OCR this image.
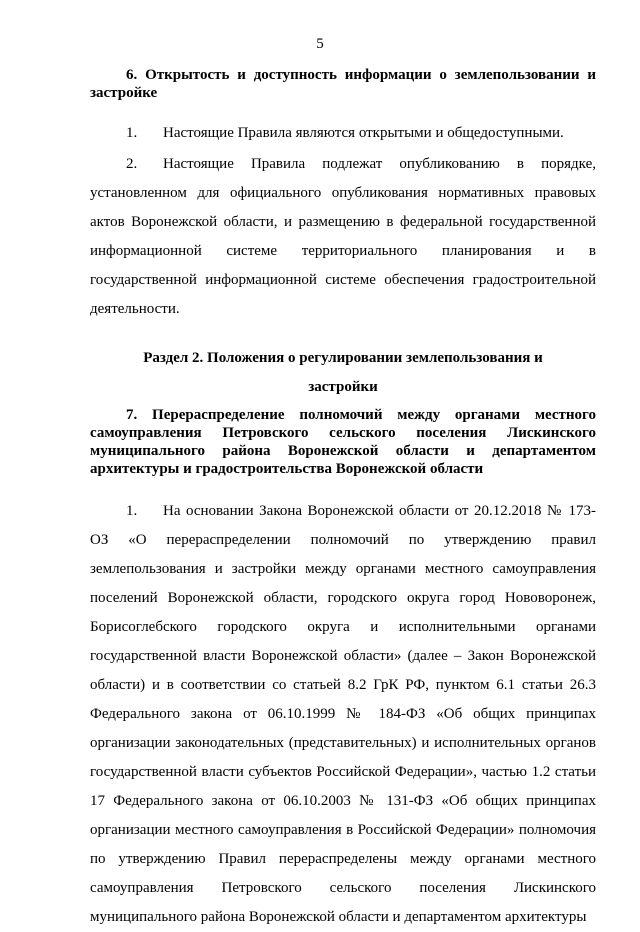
5

6. Открытость и доступность информации о землепользовании и застройке

1. Настоящие Правила являются открытыми и общедоступными.

2. Настоящие Правила подлежат опубликованию в порядке, установленном для официального опубликования нормативных правовых актов Воронежской области, и размещению в федеральной государственной информационной системе территориального планирования и в государственной информационной системе обеспечения градостроительной деятельности.

Раздел 2. Положения о регулировании землепользования и застройки

7. Перераспределение полномочий между органами местного самоуправления Петровского сельского поселения Лискинского муниципального района Воронежской области и департаментом архитектуры и градостроительства Воронежской области

1. На основании Закона Воронежской области от 20.12.2018 № 173-ОЗ «О перераспределении полномочий по утверждению правил землепользования и застройки между органами местного самоуправления поселений Воронежской области, городского округа город Нововоронеж, Борисоглебского городского округа и исполнительными органами государственной власти Воронежской области» (далее – Закон Воронежской области) и в соответствии со статьей 8.2 ГрК РФ, пунктом 6.1 статьи 26.3 Федерального закона от 06.10.1999 № 184-ФЗ «Об общих принципах организации законодательных (представительных) и исполнительных органов государственной власти субъектов Российской Федерации», частью 1.2 статьи 17 Федерального закона от 06.10.2003 № 131-ФЗ «Об общих принципах организации местного самоуправления в Российской Федерации» полномочия по утверждению Правил перераспределены между органами местного самоуправления Петровского сельского поселения Лискинского муниципального района Воронежской области и департаментом архитектуры
